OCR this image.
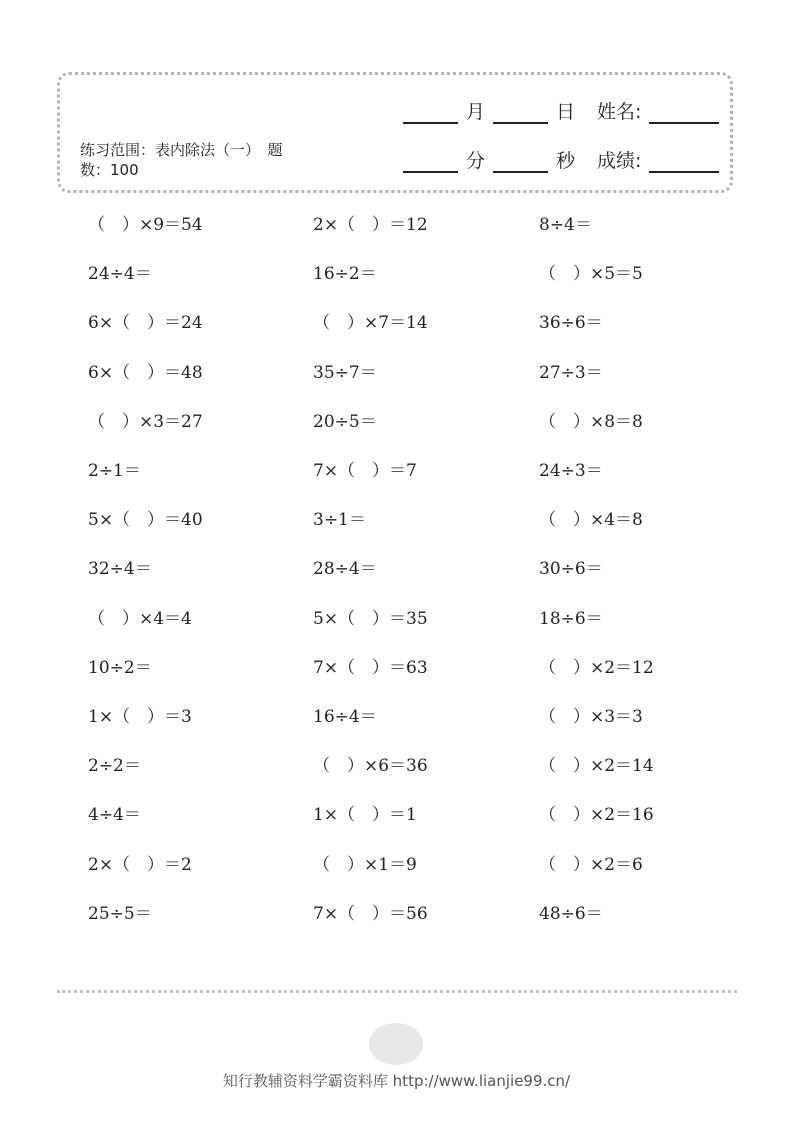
月	日 姓名:
分	秒 成绩:
练习范围：表内除法（一）　题数：100
（　）×9＝54	2×（　）＝12	8÷4＝
24÷4＝	16÷2＝	（　）×5＝5
6×（　）＝24	（　）×7＝14	36÷6＝
6×（　）＝48	35÷7＝	27÷3＝
（　）×3＝27	20÷5＝	（　）×8＝8
2÷1＝	7×（　）＝7	24÷3＝
5×（　）＝40	3÷1＝	（　）×4＝8
32÷4＝	28÷4＝	30÷6＝
（　）×4＝4	5×（　）＝35	18÷6＝
10÷2＝	7×（　）＝63	（　）×2＝12
1×（　）＝3	16÷4＝	（　）×3＝3
2÷2＝	（　）×6＝36	（　）×2＝14
4÷4＝	1×（　）＝1	（　）×2＝16
2×（　）＝2	（　）×1＝9	（　）×2＝6
25÷5＝	7×（　）＝56	48÷6＝
知行教辅资料学霸资料库 http://www.lianjie99.cn/
